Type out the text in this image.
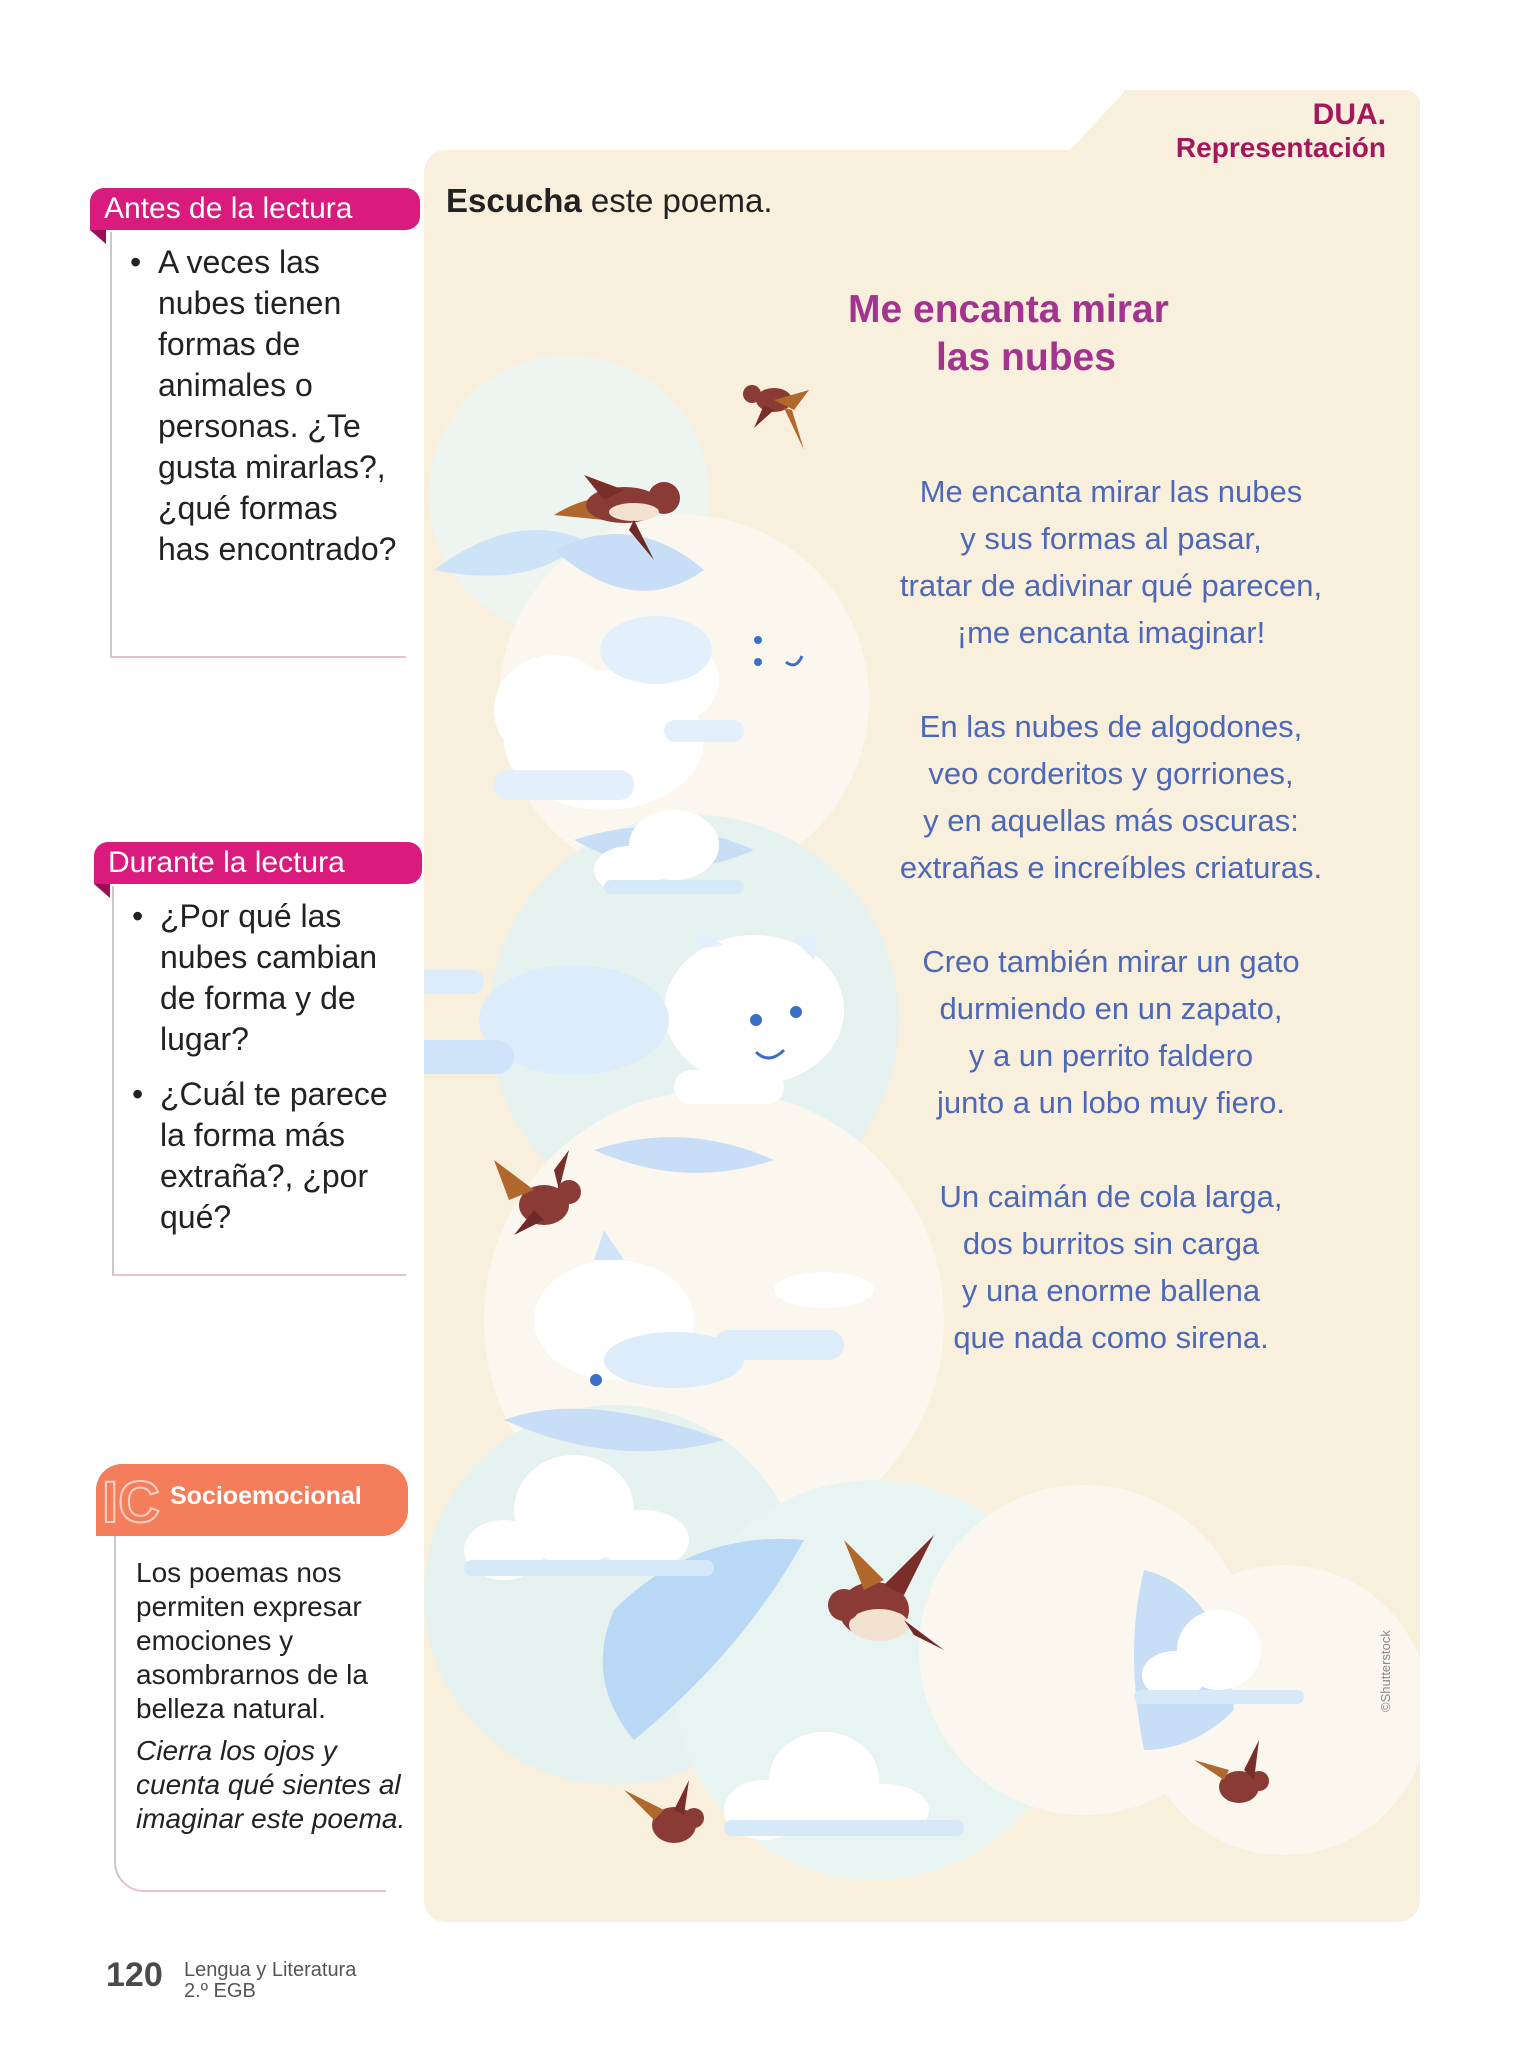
DUA.
Representación
Escucha este poema.
Me encanta mirar
las nubes
Me encanta mirar las nubes
y sus formas al pasar,
tratar de adivinar qué parecen,
¡me encanta imaginar!
En las nubes de algodones,
veo corderitos y gorriones,
y en aquellas más oscuras:
extrañas e increíbles criaturas.
Creo también mirar un gato
durmiendo en un zapato,
y a un perrito faldero
junto a un lobo muy fiero.
Un caimán de cola larga,
dos burritos sin carga
y una enorme ballena
que nada como sirena.
Antes de la lectura
• A veces las nubes tienen formas de animales o personas. ¿Te gusta mirarlas?, ¿qué formas has encontrado?
Durante la lectura
• ¿Por qué las nubes cambian de forma y de lugar?
• ¿Cuál te parece la forma más extraña?, ¿por qué?
IC Socioemocional
Los poemas nos permiten expresar emociones y asombrarnos de la belleza natural.
Cierra los ojos y cuenta qué sientes al imaginar este poema.
©Shutterstock
120 Lengua y Literatura
2.º EGB
